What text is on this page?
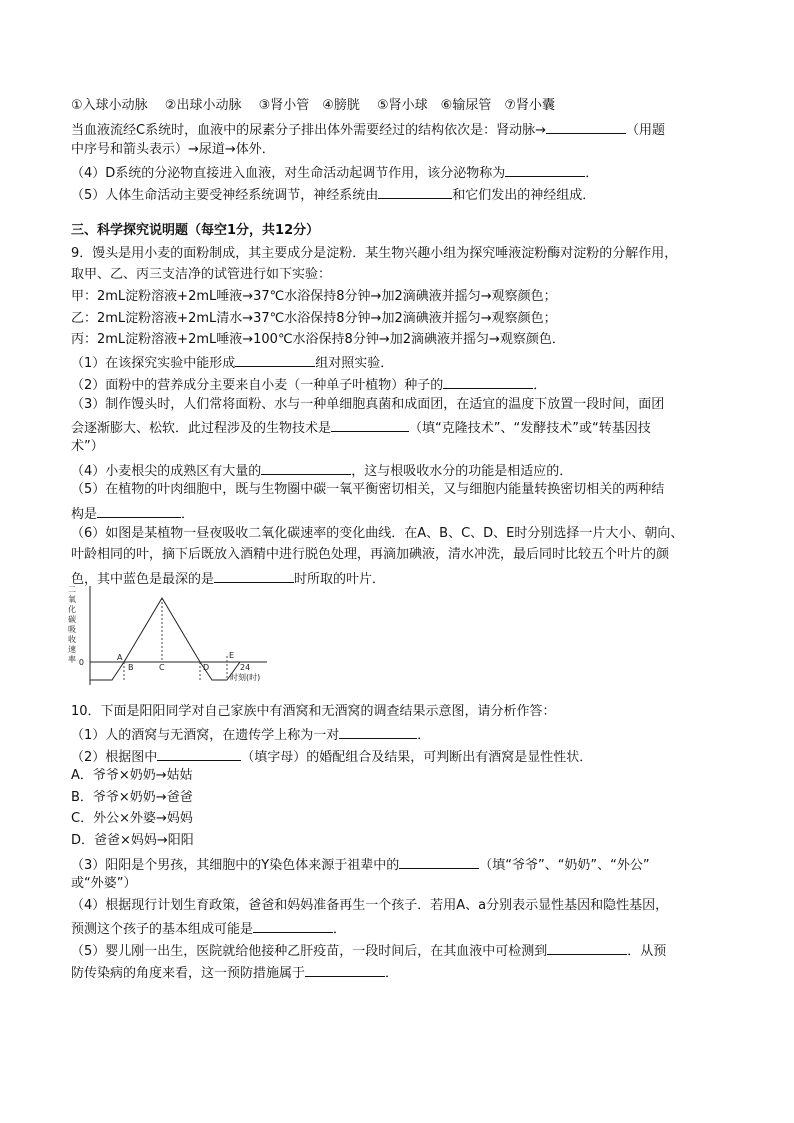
①入球小动脉　 ②出球小动脉　 ③肾小管　④膀胱　 ⑤肾小球　⑥输尿管　⑦肾小囊
当血液流经C系统时，血液中的尿素分子排出体外需要经过的结构依次是：肾动脉→	（用题
中序号和箭头表示）→尿道→体外．
（4）D系统的分泌物直接进入血液，对生命活动起调节作用，该分泌物称为	．
（5）人体生命活动主要受神经系统调节，神经系统由	和它们发出的神经组成．
三、科学探究说明题（每空1分，共12分）
9．馒头是用小麦的面粉制成，其主要成分是淀粉．某生物兴趣小组为探究唾液淀粉酶对淀粉的分解作用，
取甲、乙、丙三支洁净的试管进行如下实验：
甲：2mL淀粉溶液+2mL唾液→37℃水浴保持8分钟→加2滴碘液并摇匀→观察颜色；
乙：2mL淀粉溶液+2mL清水→37℃水浴保持8分钟→加2滴碘液并摇匀→观察颜色；
丙：2mL淀粉溶液+2mL唾液→100℃水浴保持8分钟→加2滴碘液并摇匀→观察颜色．
（1）在该探究实验中能形成	组对照实验．
（2）面粉中的营养成分主要来自小麦（一种单子叶植物）种子的	．
（3）制作馒头时，人们常将面粉、水与一种单细胞真菌和成面团，在适宜的温度下放置一段时间，面团
会逐渐膨大、松软．此过程涉及的生物技术是	（填“克隆技术”、“发酵技术”或“转基因技
术”）
（4）小麦根尖的成熟区有大量的	，这与根吸收水分的功能是相适应的．
（5）在植物的叶肉细胞中，既与生物圈中碳一氧平衡密切相关，又与细胞内能量转换密切相关的两种结
构是	．
（6）如图是某植物一昼夜吸收二氧化碳速率的变化曲线．在A、B、C、D、E时分别选择一片大小、朝向、
叶龄相同的叶，摘下后既放入酒精中进行脱色处理，再滴加碘液，清水冲洗，最后同时比较五个叶片的颜
色，其中蓝色是最深的是	时所取的叶片．
二
氧
化
碳
吸
收
速
率 0
A
B	C	D
E
24
时刻(时)
10．下面是阳阳同学对自己家族中有酒窝和无酒窝的调查结果示意图，请分析作答：
（1）人的酒窝与无酒窝，在遗传学上称为一对	．
（2）根据图中	（填字母）的婚配组合及结果，可判断出有酒窝是显性性状．
A．爷爷×奶奶→姑姑
B．爷爷×奶奶→爸爸
C．外公×外婆→妈妈
D．爸爸×妈妈→阳阳
（3）阳阳是个男孩，其细胞中的Y染色体来源于祖辈中的	（填“爷爷”、“奶奶”、“外公”
或“外婆”）
（4）根据现行计划生育政策，爸爸和妈妈准备再生一个孩子．若用A、a分别表示显性基因和隐性基因，
预测这个孩子的基本组成可能是	．
（5）婴儿刚一出生，医院就给他接种乙肝疫苗，一段时间后，在其血液中可检测到	．从预
防传染病的角度来看，这一预防措施属于	．
